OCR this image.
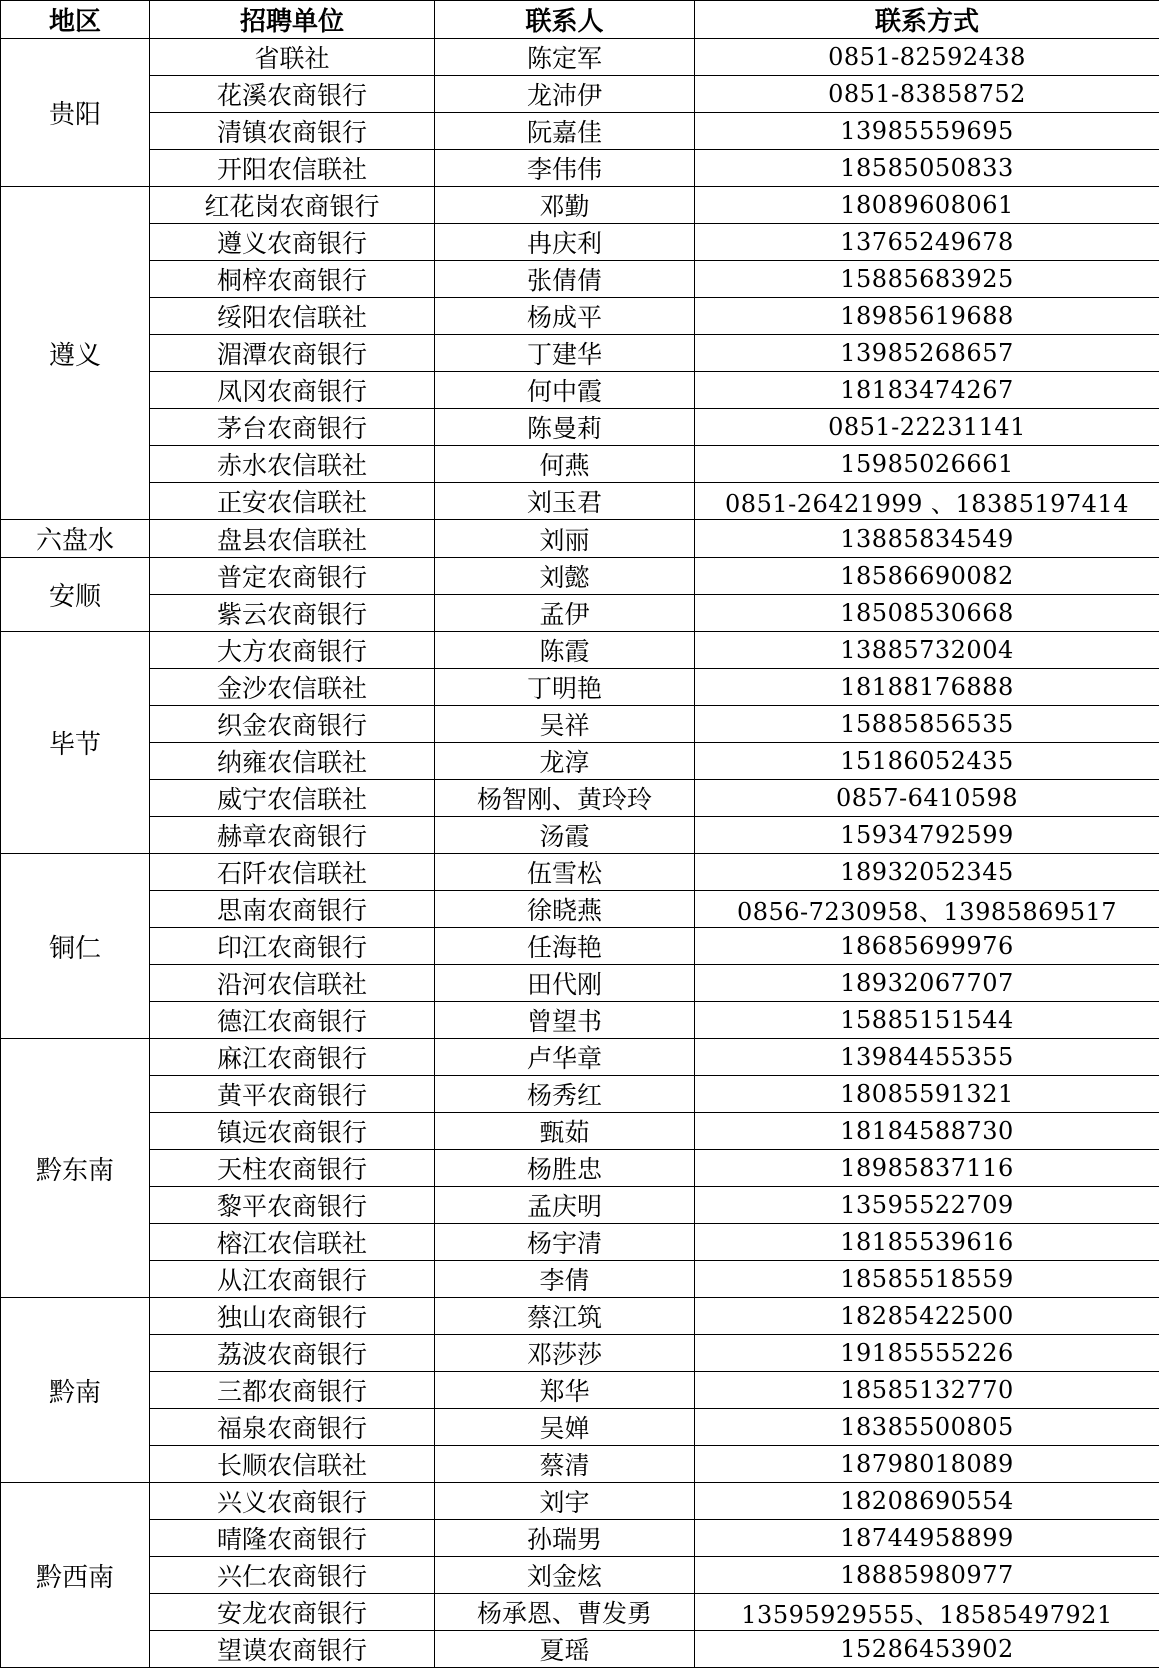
地区	招聘单位	联系人	联系方式
贵阳	省联社	陈定军	0851-82592438
	花溪农商银行	龙沛伊	0851-83858752
	清镇农商银行	阮嘉佳	13985559695
	开阳农信联社	李伟伟	18585050833
遵义	红花岗农商银行	邓勤	18089608061
	遵义农商银行	冉庆利	13765249678
	桐梓农商银行	张倩倩	15885683925
	绥阳农信联社	杨成平	18985619688
	湄潭农商银行	丁建华	13985268657
	凤冈农商银行	何中霞	18183474267
	茅台农商银行	陈曼莉	0851-22231141
	赤水农信联社	何燕	15985026661
	正安农信联社	刘玉君	0851-26421999 、18385197414
六盘水	盘县农信联社	刘丽	13885834549
安顺	普定农商银行	刘懿	18586690082
	紫云农商银行	孟伊	18508530668
毕节	大方农商银行	陈霞	13885732004
	金沙农信联社	丁明艳	18188176888
	织金农商银行	吴祥	15885856535
	纳雍农信联社	龙淳	15186052435
	威宁农信联社	杨智刚、黄玲玲	0857-6410598
	赫章农商银行	汤霞	15934792599
铜仁	石阡农信联社	伍雪松	18932052345
	思南农商银行	徐晓燕	0856-7230958、13985869517
	印江农商银行	任海艳	18685699976
	沿河农信联社	田代刚	18932067707
	德江农商银行	曾望书	15885151544
黔东南	麻江农商银行	卢华章	13984455355
	黄平农商银行	杨秀红	18085591321
	镇远农商银行	甄茹	18184588730
	天柱农商银行	杨胜忠	18985837116
	黎平农商银行	孟庆明	13595522709
	榕江农信联社	杨宇清	18185539616
	从江农商银行	李倩	18585518559
黔南	独山农商银行	蔡江筑	18285422500
	荔波农商银行	邓莎莎	19185555226
	三都农商银行	郑华	18585132770
	福泉农商银行	吴婵	18385500805
	长顺农信联社	蔡清	18798018089
黔西南	兴义农商银行	刘宇	18208690554
	晴隆农商银行	孙瑞男	18744958899
	兴仁农商银行	刘金炫	18885980977
	安龙农商银行	杨承恩、曹发勇	13595929555、18585497921
	望谟农商银行	夏瑶	15286453902
